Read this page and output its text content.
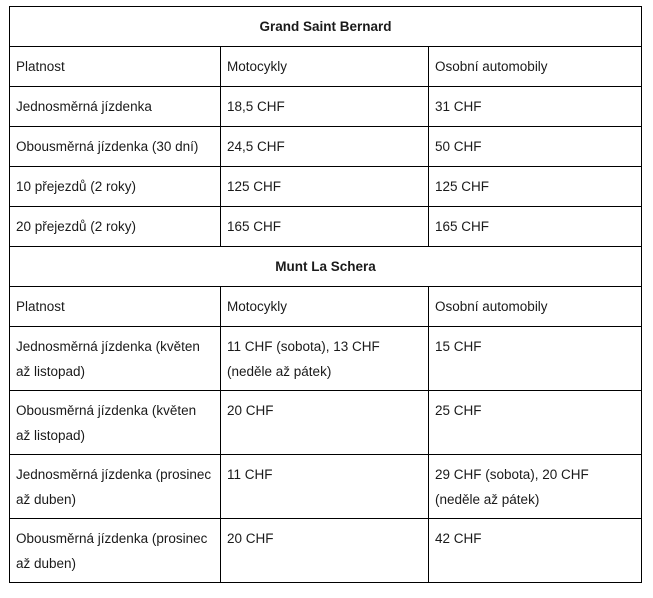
Grand Saint Bernard		
Platnost	Motocykly	Osobní automobily
Jednosměrná jízdenka	18,5 CHF	31 CHF
Obousměrná jízdenka (30 dní)	24,5 CHF	50 CHF
10 přejezdů (2 roky)	125 CHF	125 CHF
20 přejezdů (2 roky)	165 CHF	165 CHF
Munt La Schera		
Platnost	Motocykly	Osobní automobily
Jednosměrná jízdenka (květen až listopad)	11 CHF (sobota), 13 CHF (neděle až pátek)	15 CHF
Obousměrná jízdenka (květen až listopad)	20 CHF	25 CHF
Jednosměrná jízdenka (prosinec až duben)	11 CHF	29 CHF (sobota), 20 CHF (neděle až pátek)
Obousměrná jízdenka (prosinec až duben)	20 CHF	42 CHF
